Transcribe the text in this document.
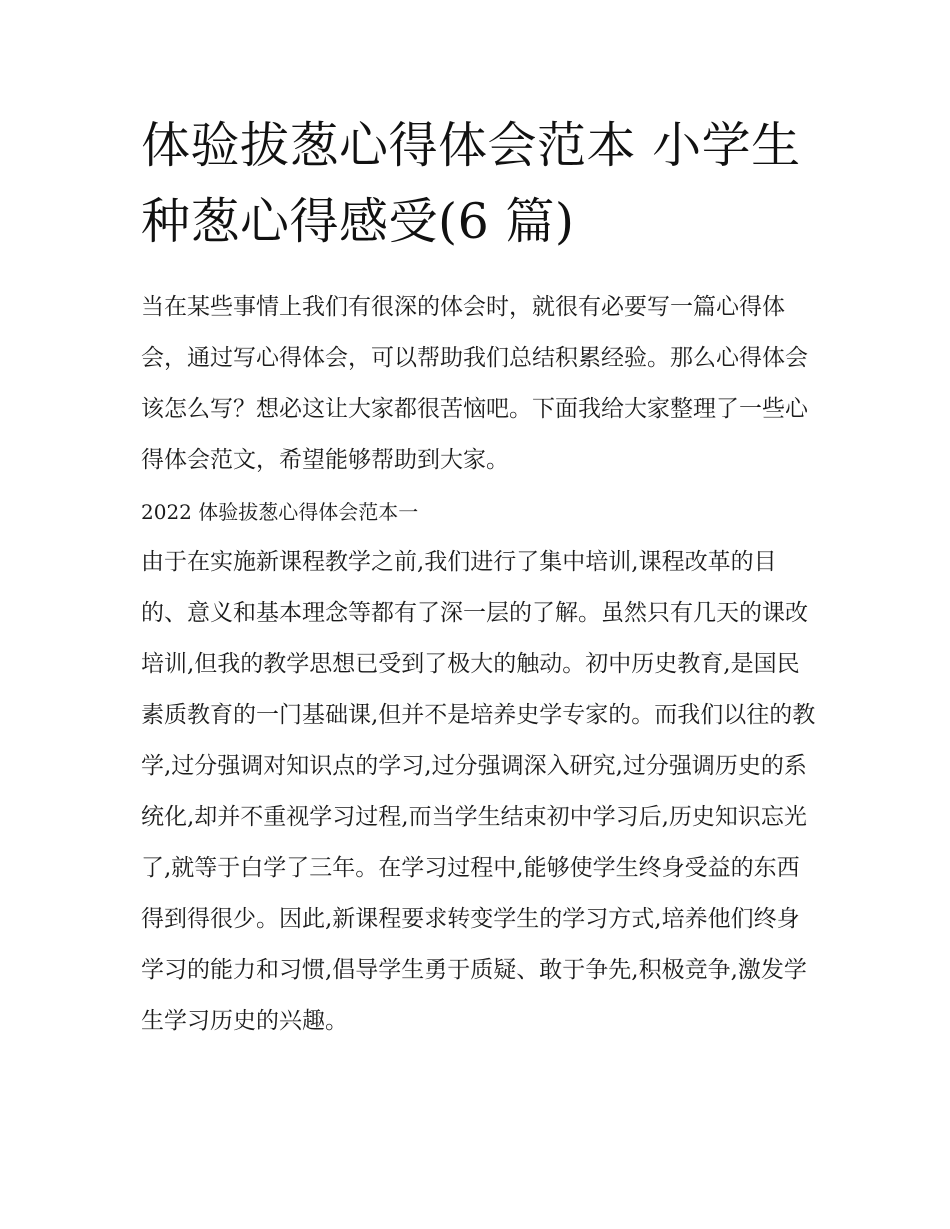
体验拔葱心得体会范本 小学生
种葱心得感受(6 篇)

当在某些事情上我们有很深的体会时，就很有必要写一篇心得体会，通过写心得体会，可以帮助我们总结积累经验。那么心得体会该怎么写？想必这让大家都很苦恼吧。下面我给大家整理了一些心得体会范文，希望能够帮助到大家。

2022 体验拔葱心得体会范本一

由于在实施新课程教学之前,我们进行了集中培训,课程改革的目的、意义和基本理念等都有了深一层的了解。虽然只有几天的课改培训,但我的教学思想已受到了极大的触动。初中历史教育,是国民素质教育的一门基础课,但并不是培养史学专家的。而我们以往的教学,过分强调对知识点的学习,过分强调深入研究,过分强调历史的系统化,却并不重视学习过程,而当学生结束初中学习后,历史知识忘光了,就等于白学了三年。在学习过程中,能够使学生终身受益的东西得到得很少。因此,新课程要求转变学生的学习方式,培养他们终身学习的能力和习惯,倡导学生勇于质疑、敢于争先,积极竞争,激发学生学习历史的兴趣。
